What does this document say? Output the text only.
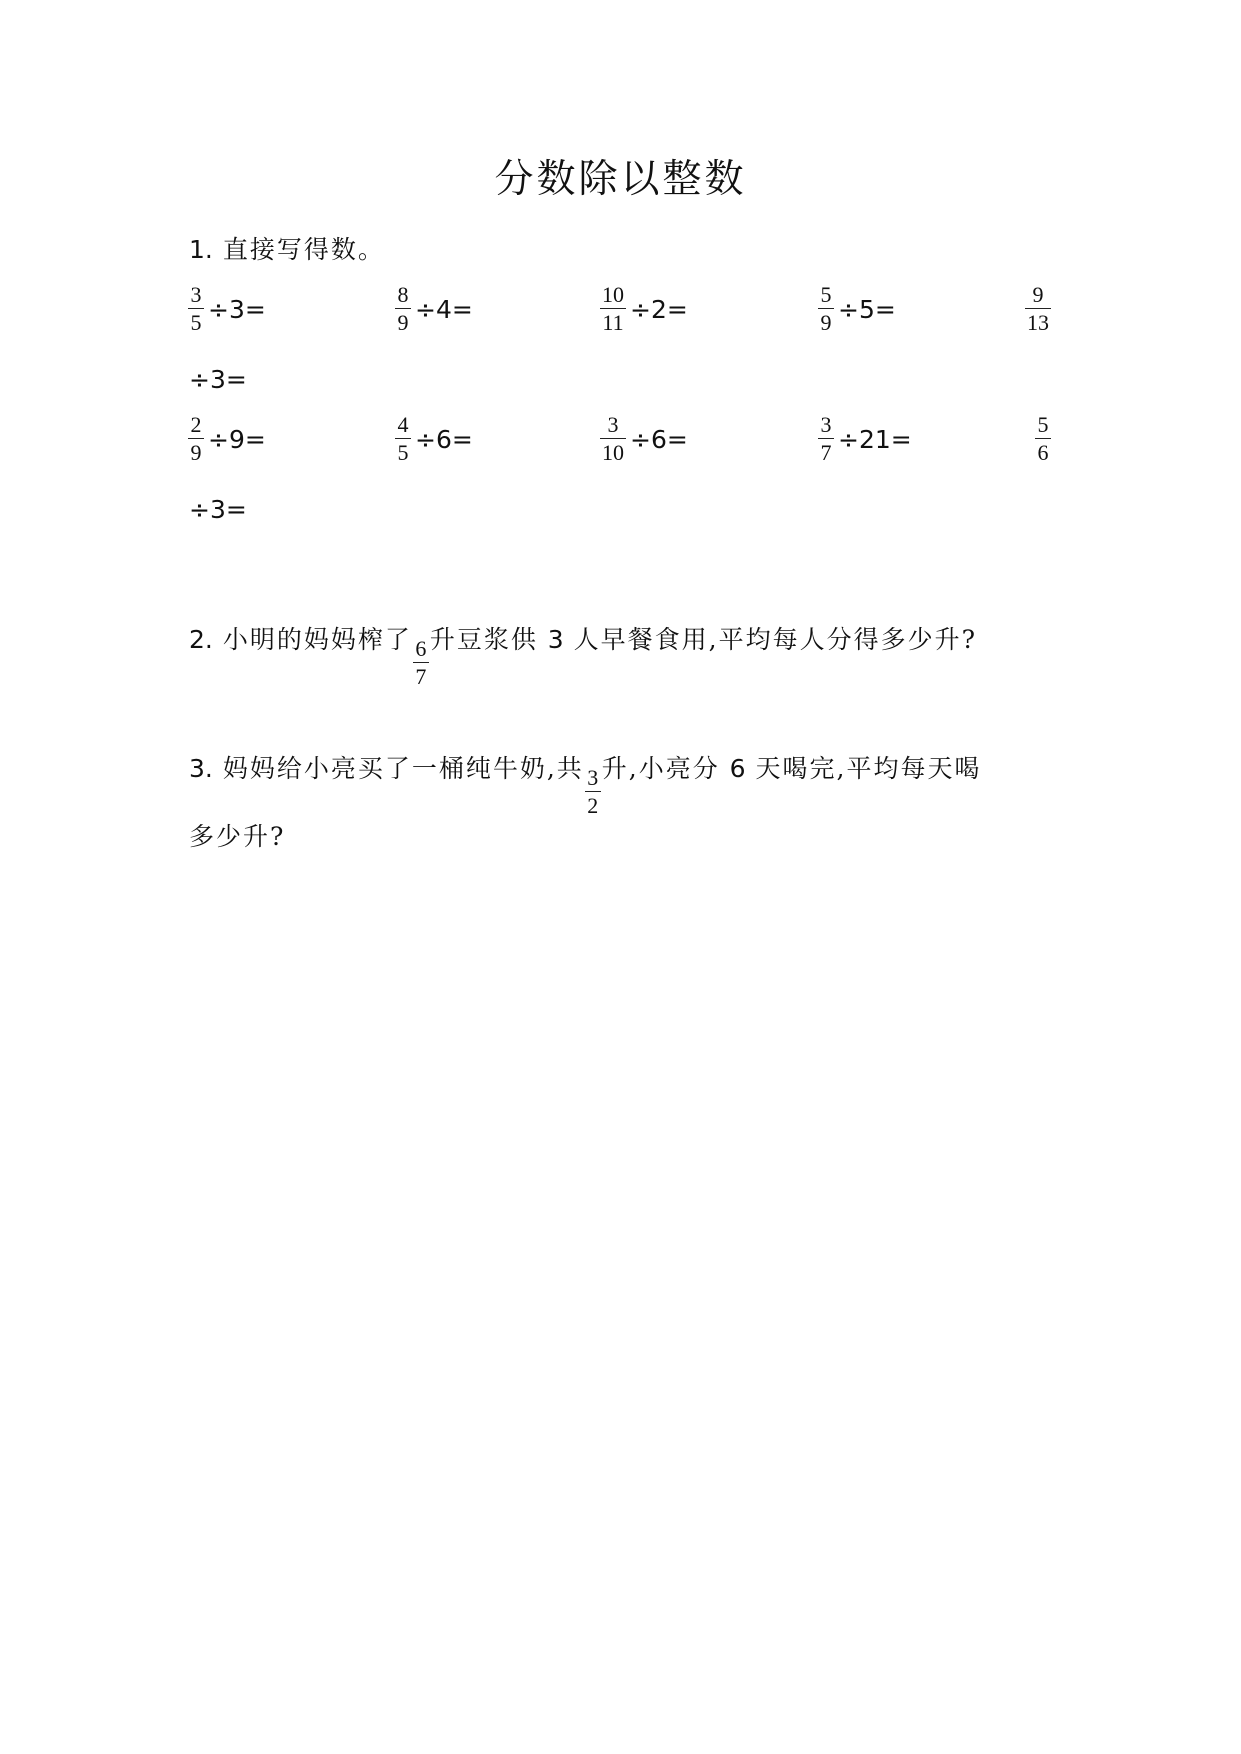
分数除以整数
1. 直接写得数。
$\frac{3}{5} \div 3=$	$\frac{8}{9} \div 4=$	$\frac{10}{11} \div 2=$	$\frac{5}{9} \div 5=$	$\frac{9}{13}$
÷3=
$\frac{2}{9} \div 9=$	$\frac{4}{5} \div 6=$	$\frac{3}{10} \div 6=$	$\frac{3}{7} \div 21=$	$\frac{5}{6}$
÷3=
2. 小明的妈妈榨了 $\frac{6}{7}$ 升豆浆供 3 人早餐食用,平均每人分得多少升?
3. 妈妈给小亮买了一桶纯牛奶,共 $\frac{3}{2}$ 升,小亮分 6 天喝完,平均每天喝
多少升?
